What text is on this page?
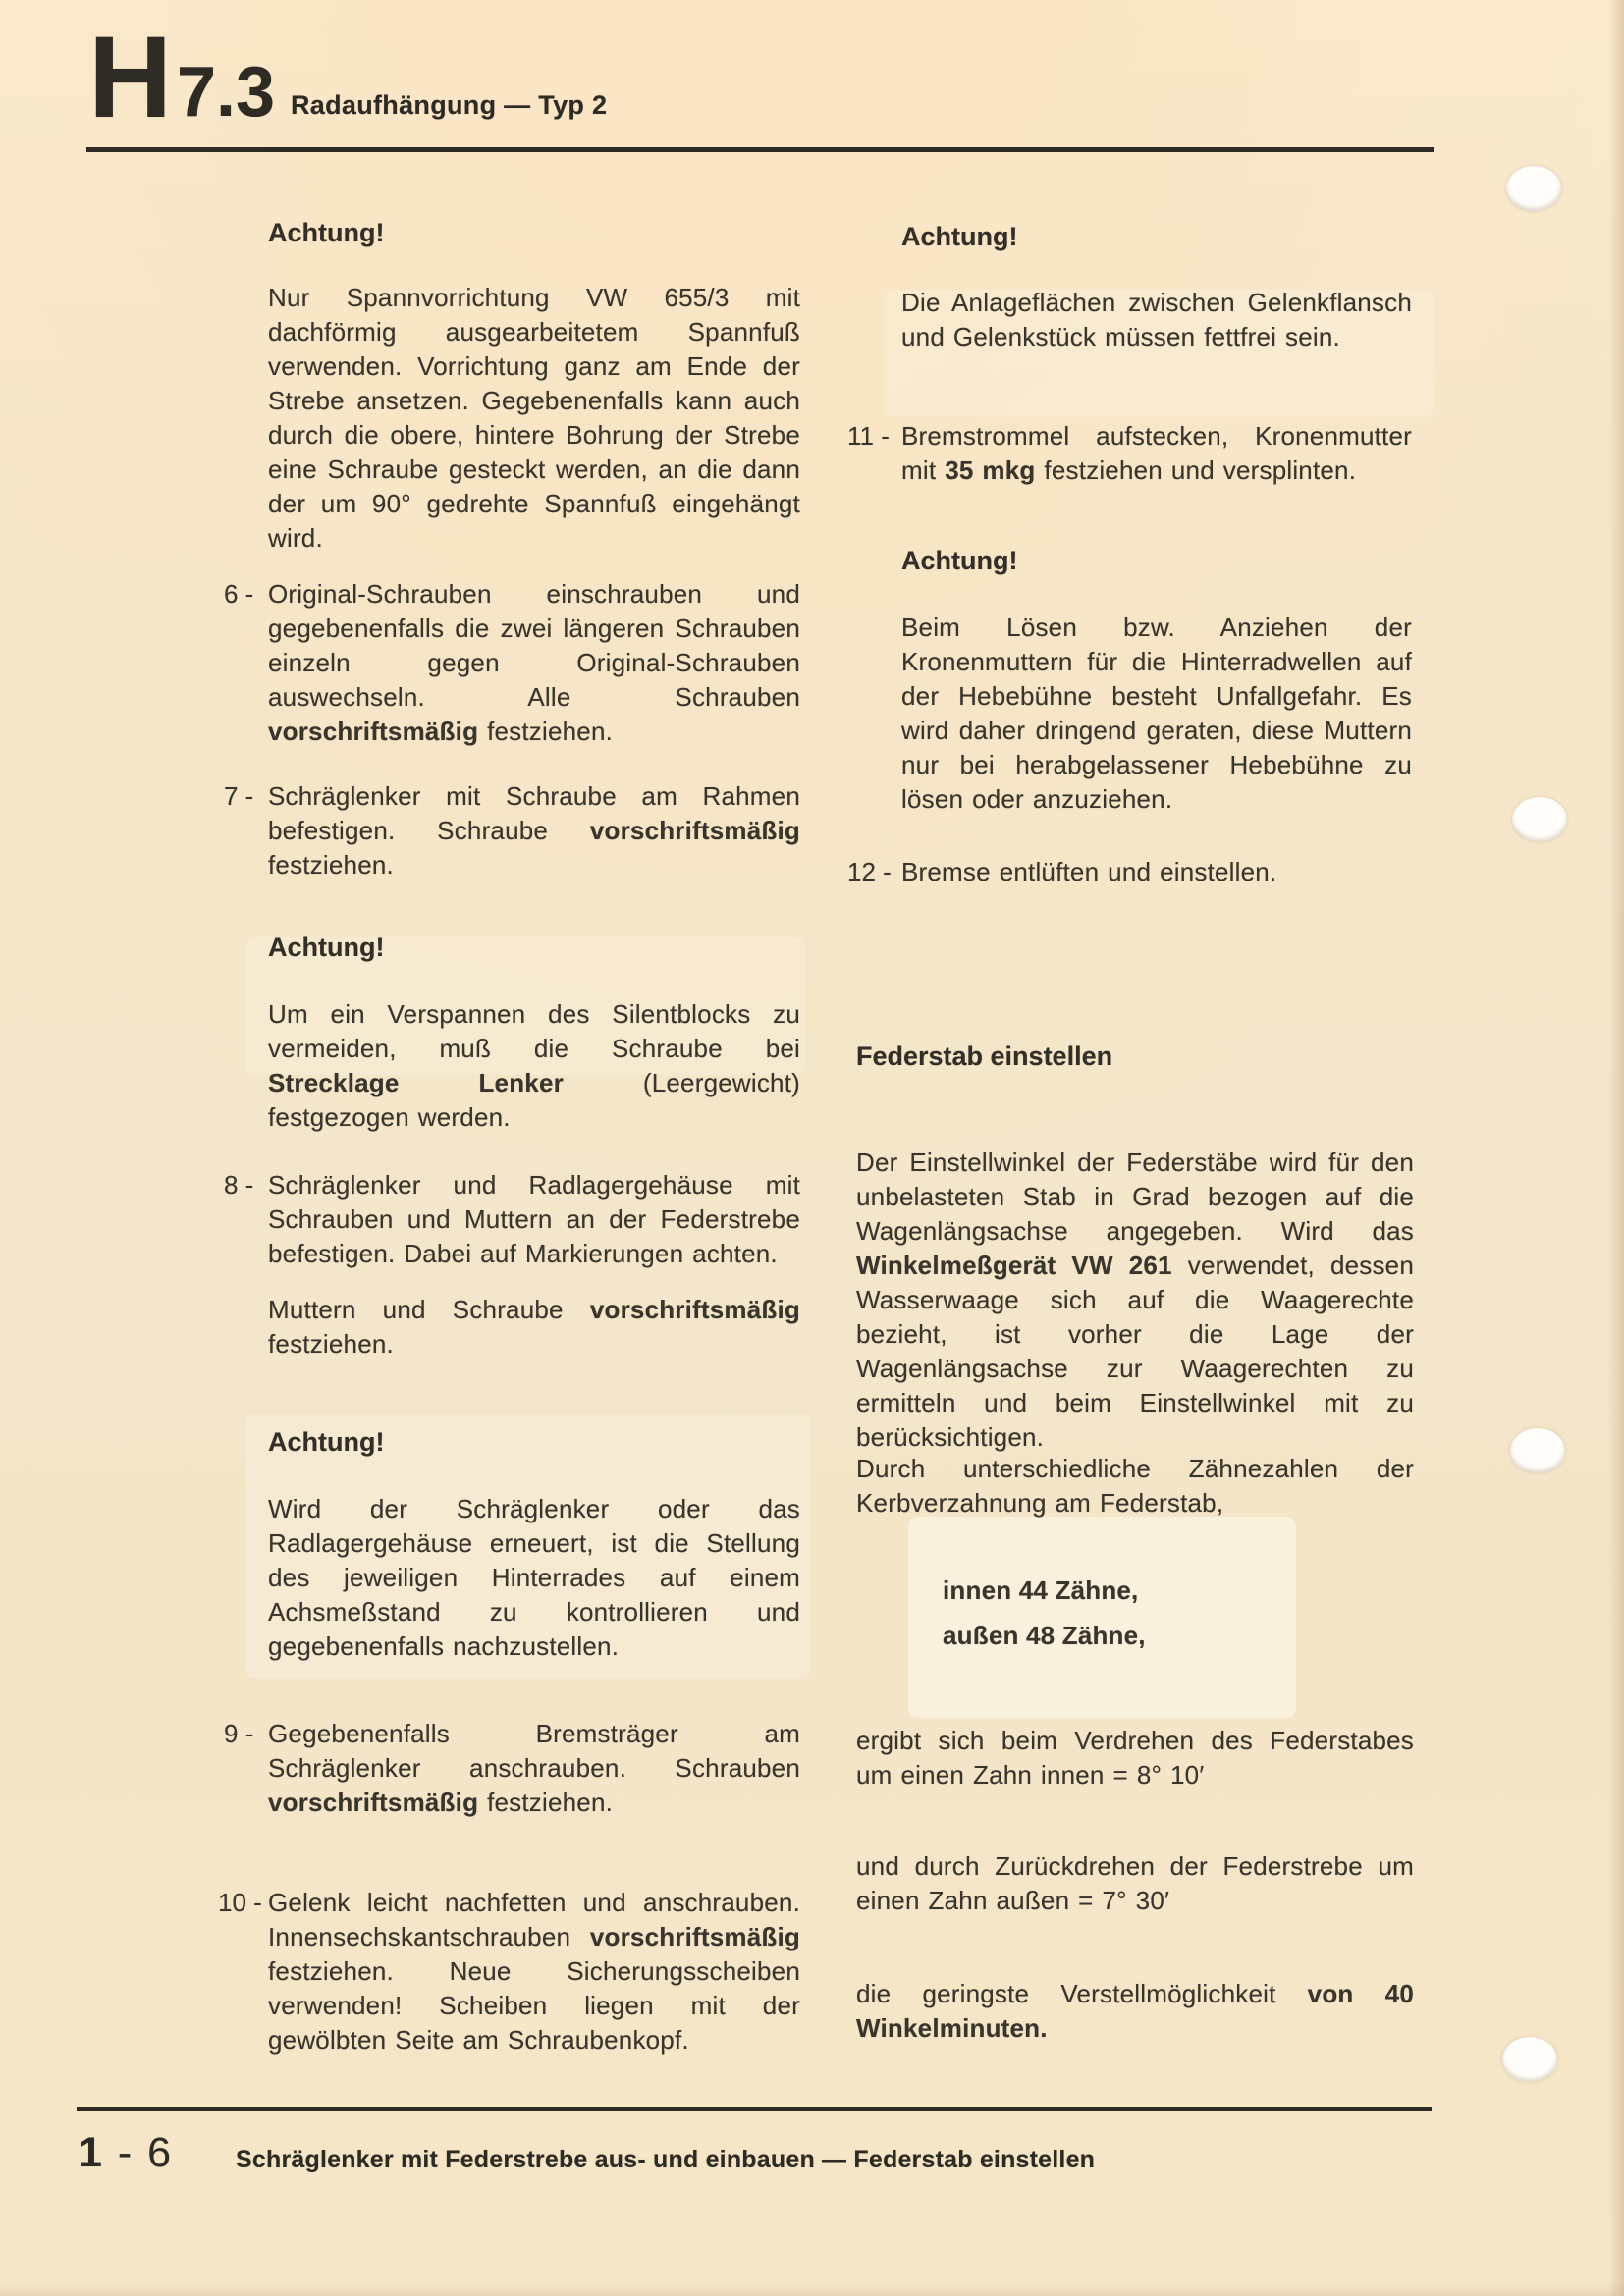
H 7.3 Radaufhängung — Typ 2
Achtung!
Nur Spannvorrichtung VW 655/3 mit dachförmig ausgearbeitetem Spannfuß verwenden. Vorrichtung ganz am Ende der Strebe ansetzen. Gegebenenfalls kann auch durch die obere, hintere Bohrung der Strebe eine Schraube gesteckt werden, an die dann der um 90° gedrehte Spannfuß eingehängt wird.
6 - Original-Schrauben einschrauben und gegebenenfalls die zwei längeren Schrauben einzeln gegen Original-Schrauben auswechseln. Alle Schrauben vorschriftsmäßig festziehen.
7 - Schräglenker mit Schraube am Rahmen befestigen. Schraube vorschriftsmäßig festziehen.
Achtung!
Um ein Verspannen des Silentblocks zu vermeiden, muß die Schraube bei Strecklage Lenker (Leergewicht) festgezogen werden.
8 - Schräglenker und Radlagergehäuse mit Schrauben und Muttern an der Federstrebe befestigen. Dabei auf Markierungen achten.
Muttern und Schraube vorschriftsmäßig festziehen.
Achtung!
Wird der Schräglenker oder das Radlagergehäuse erneuert, ist die Stellung des jeweiligen Hinterrades auf einem Achsmeßstand zu kontrollieren und gegebenenfalls nachzustellen.
9 - Gegebenenfalls Bremsträger am Schräglenker anschrauben. Schrauben vorschriftsmäßig festziehen.
10 - Gelenk leicht nachfetten und anschrauben. Innensechskantschrauben vorschriftsmäßig festziehen. Neue Sicherungsscheiben verwenden! Scheiben liegen mit der gewölbten Seite am Schraubenkopf.
Achtung!
Die Anlageflächen zwischen Gelenkflansch und Gelenkstück müssen fettfrei sein.
11 - Bremstrommel aufstecken, Kronenmutter mit 35 mkg festziehen und versplinten.
Achtung!
Beim Lösen bzw. Anziehen der Kronenmuttern für die Hinterradwellen auf der Hebebühne besteht Unfallgefahr. Es wird daher dringend geraten, diese Muttern nur bei herabgelassener Hebebühne zu lösen oder anzuziehen.
12 - Bremse entlüften und einstellen.
Federstab einstellen
Der Einstellwinkel der Federstäbe wird für den unbelasteten Stab in Grad bezogen auf die Wagenlängsachse angegeben. Wird das Winkelmeßgerät VW 261 verwendet, dessen Wasserwaage sich auf die Waagerechte bezieht, ist vorher die Lage der Wagenlängsachse zur Waagerechten zu ermitteln und beim Einstellwinkel mit zu berücksichtigen.
Durch unterschiedliche Zähnezahlen der Kerbverzahnung am Federstab,
innen 44 Zähne,
außen 48 Zähne,
ergibt sich beim Verdrehen des Federstabes um einen Zahn innen = 8° 10′
und durch Zurückdrehen der Federstrebe um einen Zahn außen = 7° 30′
die geringste Verstellmöglichkeit von 40 Winkelminuten.
1 - 6	Schräglenker mit Federstrebe aus- und einbauen — Federstab einstellen
